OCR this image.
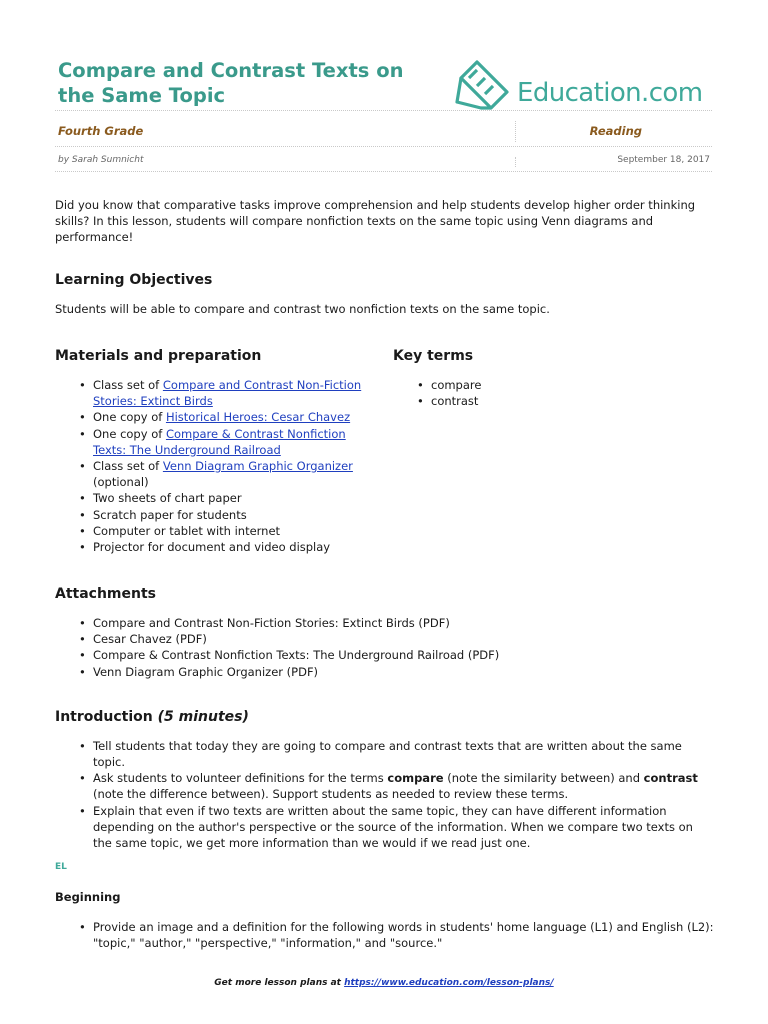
Compare and Contrast Texts on
the Same Topic	Education.com
Fourth Grade	Reading
by Sarah Sumnicht	September 18, 2017

Did you know that comparative tasks improve comprehension and help students develop higher order thinking skills? In this lesson, students will compare nonfiction texts on the same topic using Venn diagrams and performance!

Learning Objectives

Students will be able to compare and contrast two nonfiction texts on the same topic.

Materials and preparation
• Class set of Compare and Contrast Non-Fiction Stories: Extinct Birds
• One copy of Historical Heroes: Cesar Chavez
• One copy of Compare & Contrast Nonfiction Texts: The Underground Railroad
• Class set of Venn Diagram Graphic Organizer (optional)
• Two sheets of chart paper
• Scratch paper for students
• Computer or tablet with internet
• Projector for document and video display
Key terms
• compare
• contrast
Attachments
• Compare and Contrast Non-Fiction Stories: Extinct Birds (PDF)
• Cesar Chavez (PDF)
• Compare & Contrast Nonfiction Texts: The Underground Railroad (PDF)
• Venn Diagram Graphic Organizer (PDF)
Introduction (5 minutes)
• Tell students that today they are going to compare and contrast texts that are written about the same topic.
• Ask students to volunteer definitions for the terms compare (note the similarity between) and contrast (note the difference between). Support students as needed to review these terms.
• Explain that even if two texts are written about the same topic, they can have different information depending on the author's perspective or the source of the information. When we compare two texts on the same topic, we get more information than we would if we read just one.
EL
Beginning
• Provide an image and a definition for the following words in students' home language (L1) and English (L2): "topic," "author," "perspective," "information," and "source."
Get more lesson plans at https://www.education.com/lesson-plans/
